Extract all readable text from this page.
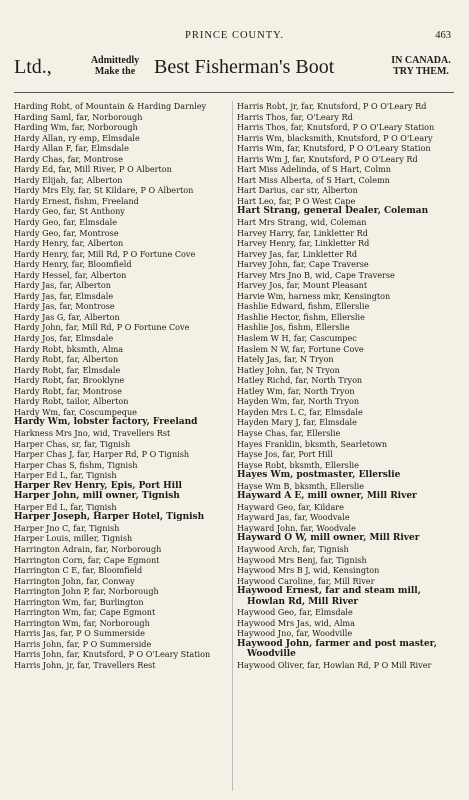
PRINCE COUNTY.	463
Ltd.,	Admittedly
Make the Best Fisherman's Boot	IN CANADA.
TRY THEM.
Harding Robt, of Mountain & Harding Darnley
Harding Saml, far, Norborough
Harding Wm, far, Norborough
Hardy Allan, ry emp, Elmsdale
Hardy Allan F, far, Elmsdale
Hardy Chas, far, Montrose
Hardy Ed, far, Mill River, P O Alberton
Hardy Elijah, far, Alberton
Hardy Mrs Ely, far, St Kildare, P O Alberton
Hardy Ernest, fishm, Freeland
Hardy Geo, far, St Anthony
Hardy Geo, far, Elmsdale
Hardy Geo, far, Montrose
Hardy Henry, far, Alberton
Hardy Henry, far, Mill Rd, P O Fortune Cove
Hardy Henry, far, Bloomfield
Hardy Hessel, far, Alberton
Hardy Jas, far, Alberton
Hardy Jas, far, Elmsdale
Hardy Jas, far, Montrose
Hardy Jas G, far, Alberton
Hardy John, far, Mill Rd, P O Fortune Cove
Hardy Jos, far, Elmsdale
Hardy Robt, bksmth, Alma
Hardy Robt, far, Alberton
Hardy Robt, far, Elmsdale
Hardy Robt, far, Brooklyne
Hardy Robt, far, Montrose
Hardy Robt, tailor, Alberton
Hardy Wm, far, Coscumpeque
Hardy Wm, lobster factory, Freeland
Harkness Mrs Jno, wid, Travellers Rst
Harper Chas, sr, far, Tignish
Harper Chas J, far, Harper Rd, P O Tignish
Harper Chas S, fishm, Tignish
Harper Ed L, far, Tignish
Harper Rev Henry, Epis, Port Hill
Harper John, mill owner, Tignish
Harper Ed L, far, Tignish
Harper Joseph, Harper Hotel, Tignish
Harper Jno C, far, Tignish
Harper Louis, miller, Tignish
Harrington Adrain, far, Norborough
Harrington Corn, far, Cape Egmont
Harrington C E, far, Bloomfield
Harrington John, far, Conway
Harrington John P, far, Norborough
Harrington Wm, far, Burlington
Harrington Wm, far, Cape Egmont
Harrington Wm, far, Norborough
Harris Jas, far, P O Summerside
Harris John, far, P O Summerside
Harris John, far, Knutsford, P O O'Leary Station
Harris John, jr, far, Travellers Rest
Harris Robt, jr, far, Knutsford, P O O'Leary Rd
Harris Thos, far, O'Leary Rd
Harris Thos, far, Knutsford, P O O'Leary Station
Harris Wm, blacksmith, Knutsford, P O O'Leary
Harris Wm, far, Knutsford, P O O'Leary Station
Harris Wm J, far, Knutsford, P O O'Leary Rd
Hart Miss Adelinda, of S Hart, Colmn
Hart Miss Alberta, of S Hart, Colemn
Hart Darius, car str, Alberton
Hart Leo, far, P O West Cape
Hart Strang, general Dealer, Coleman
Hart Mrs Strang, wid, Coleman
Harvey Harry, far, Linkletter Rd
Harvey Henry, far, Linkletter Rd
Harvey Jas, far, Linkletter Rd
Harvey John, far, Cape Traverse
Harvey Mrs Jno B, wid, Cape Traverse
Harvey Jos, far, Mount Pleasant
Harvie Wm, harness mkr, Kensington
Hashlie Edward, fishm, Ellerslie
Hashlie Hector, fishm, Ellerslie
Hashlie Jos, fishm, Ellerslie
Haslem W H, far, Cascumpec
Haslem N W, far, Fortune Cove
Hately Jas, far, N Tryon
Hatley John, far, N Tryon
Hatley Richd, far, North Tryon
Hatley Wm, far, North Tryon
Hayden Wm, far, North Tryon
Hayden Mrs L C, far, Elmsdale
Hayden Mary J, far, Elmsdale
Hayse Chas, far, Ellerslie
Hayes Franklin, bksmth, Searletown
Hayse Jos, far, Port Hill
Hayse Robt, bksmth, Ellerslie
Hayes Wm, postmaster, Ellerslie
Hayse Wm B, bksmth, Ellerslie
Hayward A E, mill owner, Mill River
Hayward Geo, far, Kildare
Hayward Jas, far, Woodvale
Hayward John, far, Woodvale
Hayward O W, mill owner, Mill River
Haywood Arch, far, Tignish
Haywood Mrs Benj, far, Tignish
Haywood Mrs B J, wid, Kensington
Haywood Caroline, far, Mill River
Haywood Ernest, far and steam mill, Howlan Rd, Mill River
Haywood Geo, far, Elmsdale
Haywood Mrs Jas, wid, Alma
Haywood Jno, far, Woodville
Haywood John, farmer and post master, Woodville
Haywood Oliver, far, Howlan Rd, P O Mill River
